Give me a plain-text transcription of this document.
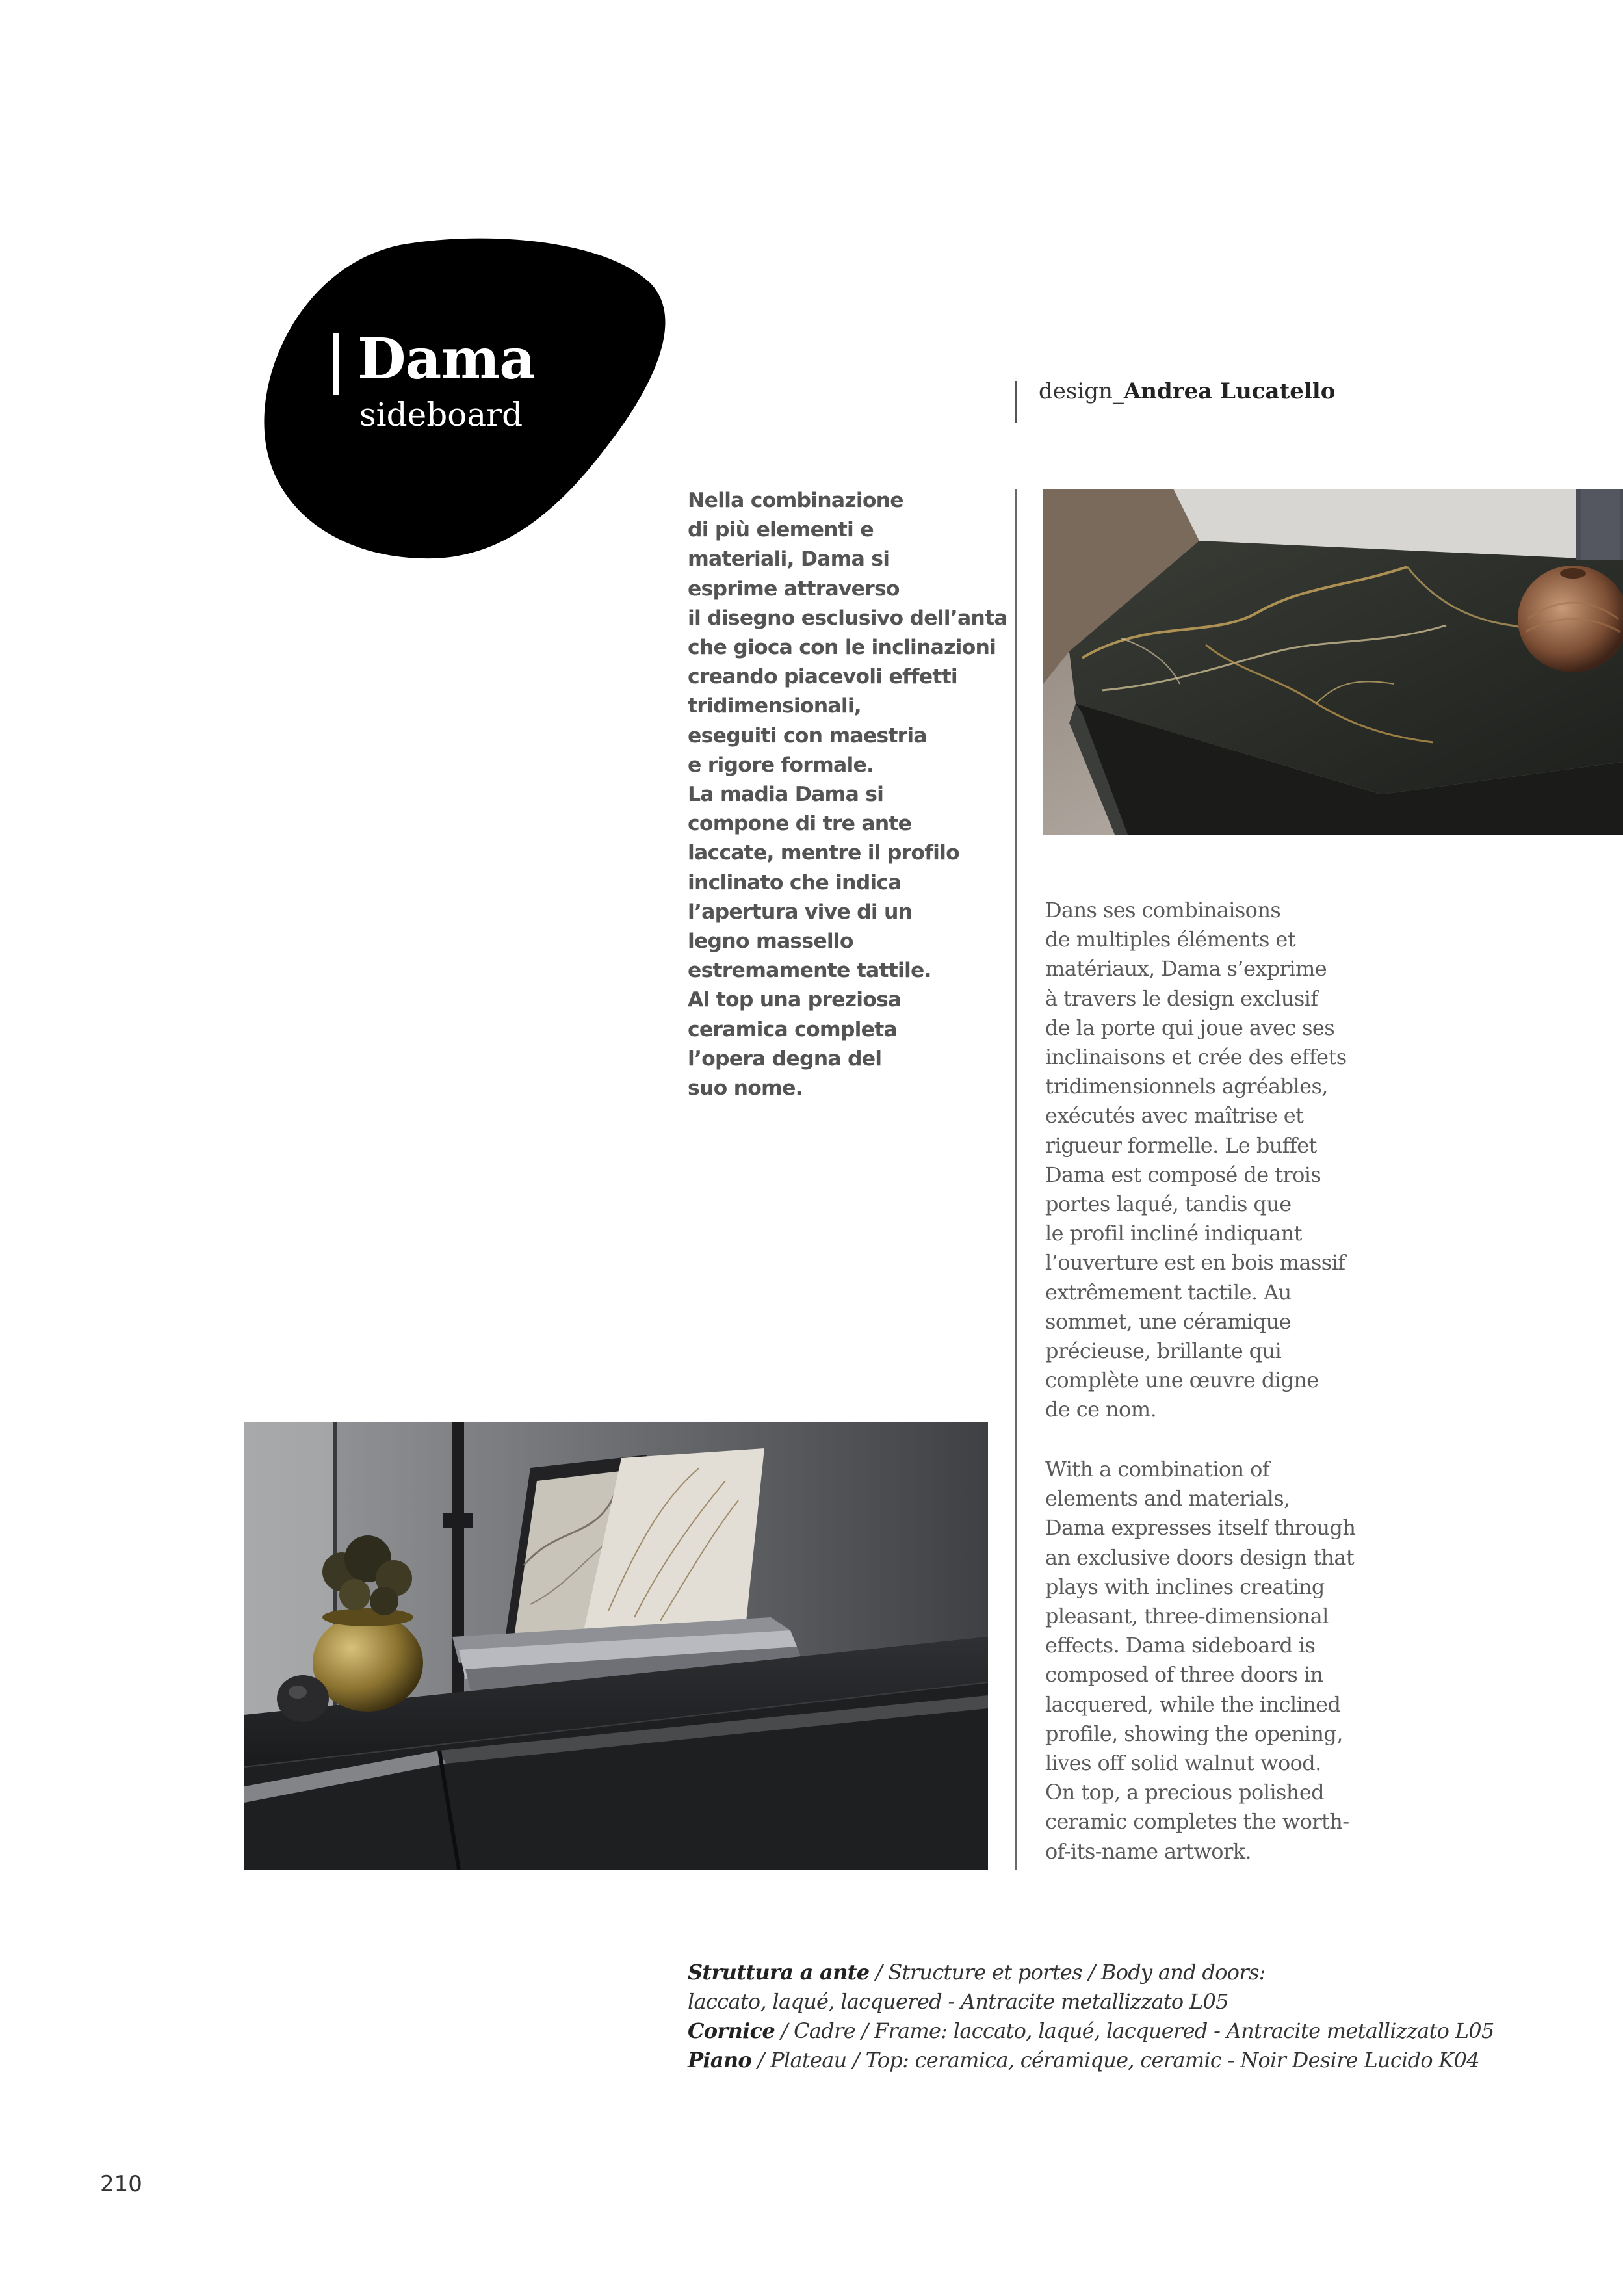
Dama
sideboard
design_Andrea Lucatello
Nella combinazione
di più elementi e
materiali, Dama si
esprime attraverso
il disegno esclusivo dell’anta
che gioca con le inclinazioni
creando piacevoli effetti
tridimensionali,
eseguiti con maestria
e rigore formale.
La madia Dama si
compone di tre ante
laccate, mentre il profilo
inclinato che indica
l’apertura vive di un
legno massello
estremamente tattile.
Al top una preziosa
ceramica completa
l’opera degna del
suo nome.
Dans ses combinaisons
de multiples éléments et
matériaux, Dama s’exprime
à travers le design exclusif
de la porte qui joue avec ses
inclinaisons et crée des effets
tridimensionnels agréables,
exécutés avec maîtrise et
rigueur formelle. Le buffet
Dama est composé de trois
portes laqué, tandis que
le profil incliné indiquant
l’ouverture est en bois massif
extrêmement tactile. Au
sommet, une céramique
précieuse, brillante qui
complète une œuvre digne
de ce nom.
With a combination of
elements and materials,
Dama expresses itself through
an exclusive doors design that
plays with inclines creating
pleasant, three-dimensional
effects. Dama sideboard is
composed of three doors in
lacquered, while the inclined
profile, showing the opening,
lives off solid walnut wood.
On top, a precious polished
ceramic completes the worth-
of-its-name artwork.
Struttura a ante / Structure et portes / Body and doors:
laccato, laqué, lacquered - Antracite metallizzato L05
Cornice / Cadre / Frame: laccato, laqué, lacquered - Antracite metallizzato L05
Piano / Plateau / Top: ceramica, céramique, ceramic - Noir Desire Lucido K04
210
